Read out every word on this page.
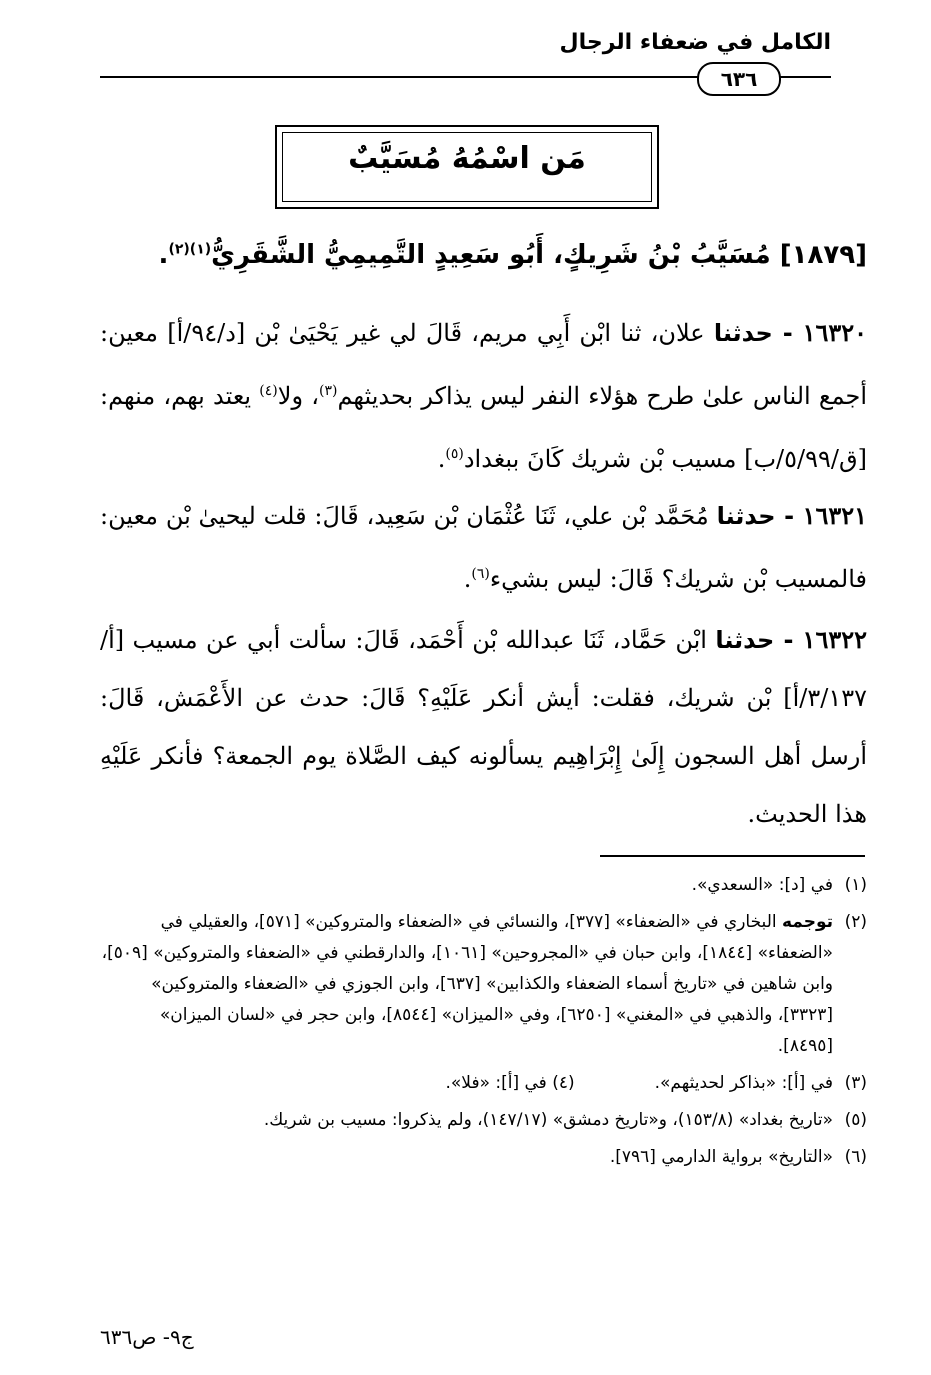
الكامل في ضعفاء الرجال
٦٣٦
مَن اسْمُهُ مُسَيَّبٌ
[١٨٧٩] مُسَيَّبُ بْنُ شَرِيكٍ، أَبُو سَعِيدٍ التَّمِيمِيُّ الشَّقَرِيُّ$^{(١)(٢)}$.
١٦٣٢٠ - حدثنا علان، ثنا ابْن أَبِي مريم، قَالَ لي غير يَحْيَىٰ بْن [د/٩٤/أ] معين: أجمع الناس علىٰ طرح هؤلاء النفر ليس يذاكر بحديثهم$^{(٣)}$، ولا$^{(٤)}$ يعتد بهم، منهم: [ق/٥/٩٩/ب] مسيب بْن شريك كَانَ ببغداد$^{(٥)}$.
١٦٣٢١ - حدثنا مُحَمَّد بْن علي، ثَنَا عُثْمَان بْن سَعِيد، قَالَ: قلت ليحيىٰ بْن معين: فالمسيب بْن شريك؟ قَالَ: ليس بشيء$^{(٦)}$.
١٦٣٢٢ - حدثنا ابْن حَمَّاد، ثَنَا عبدالله بْن أَحْمَد، قَالَ: سألت أبي عن مسيب [أ/٣/١٣٧/أ] بْن شريك، فقلت: أيش أنكر عَلَيْهِ؟ قَالَ: حدث عن الأَعْمَش، قَالَ: أرسل أهل السجون إِلَىٰ إِبْرَاهِيم يسألونه كيف الصَّلاة يوم الجمعة؟ فأنكر عَلَيْهِ هذا الحديث.
(١)في [د]: «السعدي».
(٢)توجمه البخاري في «الضعفاء» [٣٧٧]، والنسائي في «الضعفاء والمتروكين» [٥٧١]، والعقيلي في «الضعفاء» [١٨٤٤]، وابن حبان في «المجروحين» [١٠٦١]، والدارقطني في «الضعفاء والمتروكين» [٥٠٩]، وابن شاهين في «تاريخ أسماء الضعفاء والكذابين» [٦٣٧]، وابن الجوزي في «الضعفاء والمتروكين» [٣٣٢٣]، والذهبي في «المغني» [٦٢٥٠]، وفي «الميزان» [٨٥٤٤]، وابن حجر في «لسان الميزان» [٨٤٩٥].
(٣)في [أ]: «بذاكر لحديثهم».
(٤) في [أ]: «فلا».
(٥)«تاريخ بغداد» (١٥٣/٨)، و«تاريخ دمشق» (١٤٧/١٧)، ولم يذكروا: مسيب بن شريك.
(٦)«التاريخ» برواية الدارمي [٧٩٦].
ج٩- ص٦٣٦
